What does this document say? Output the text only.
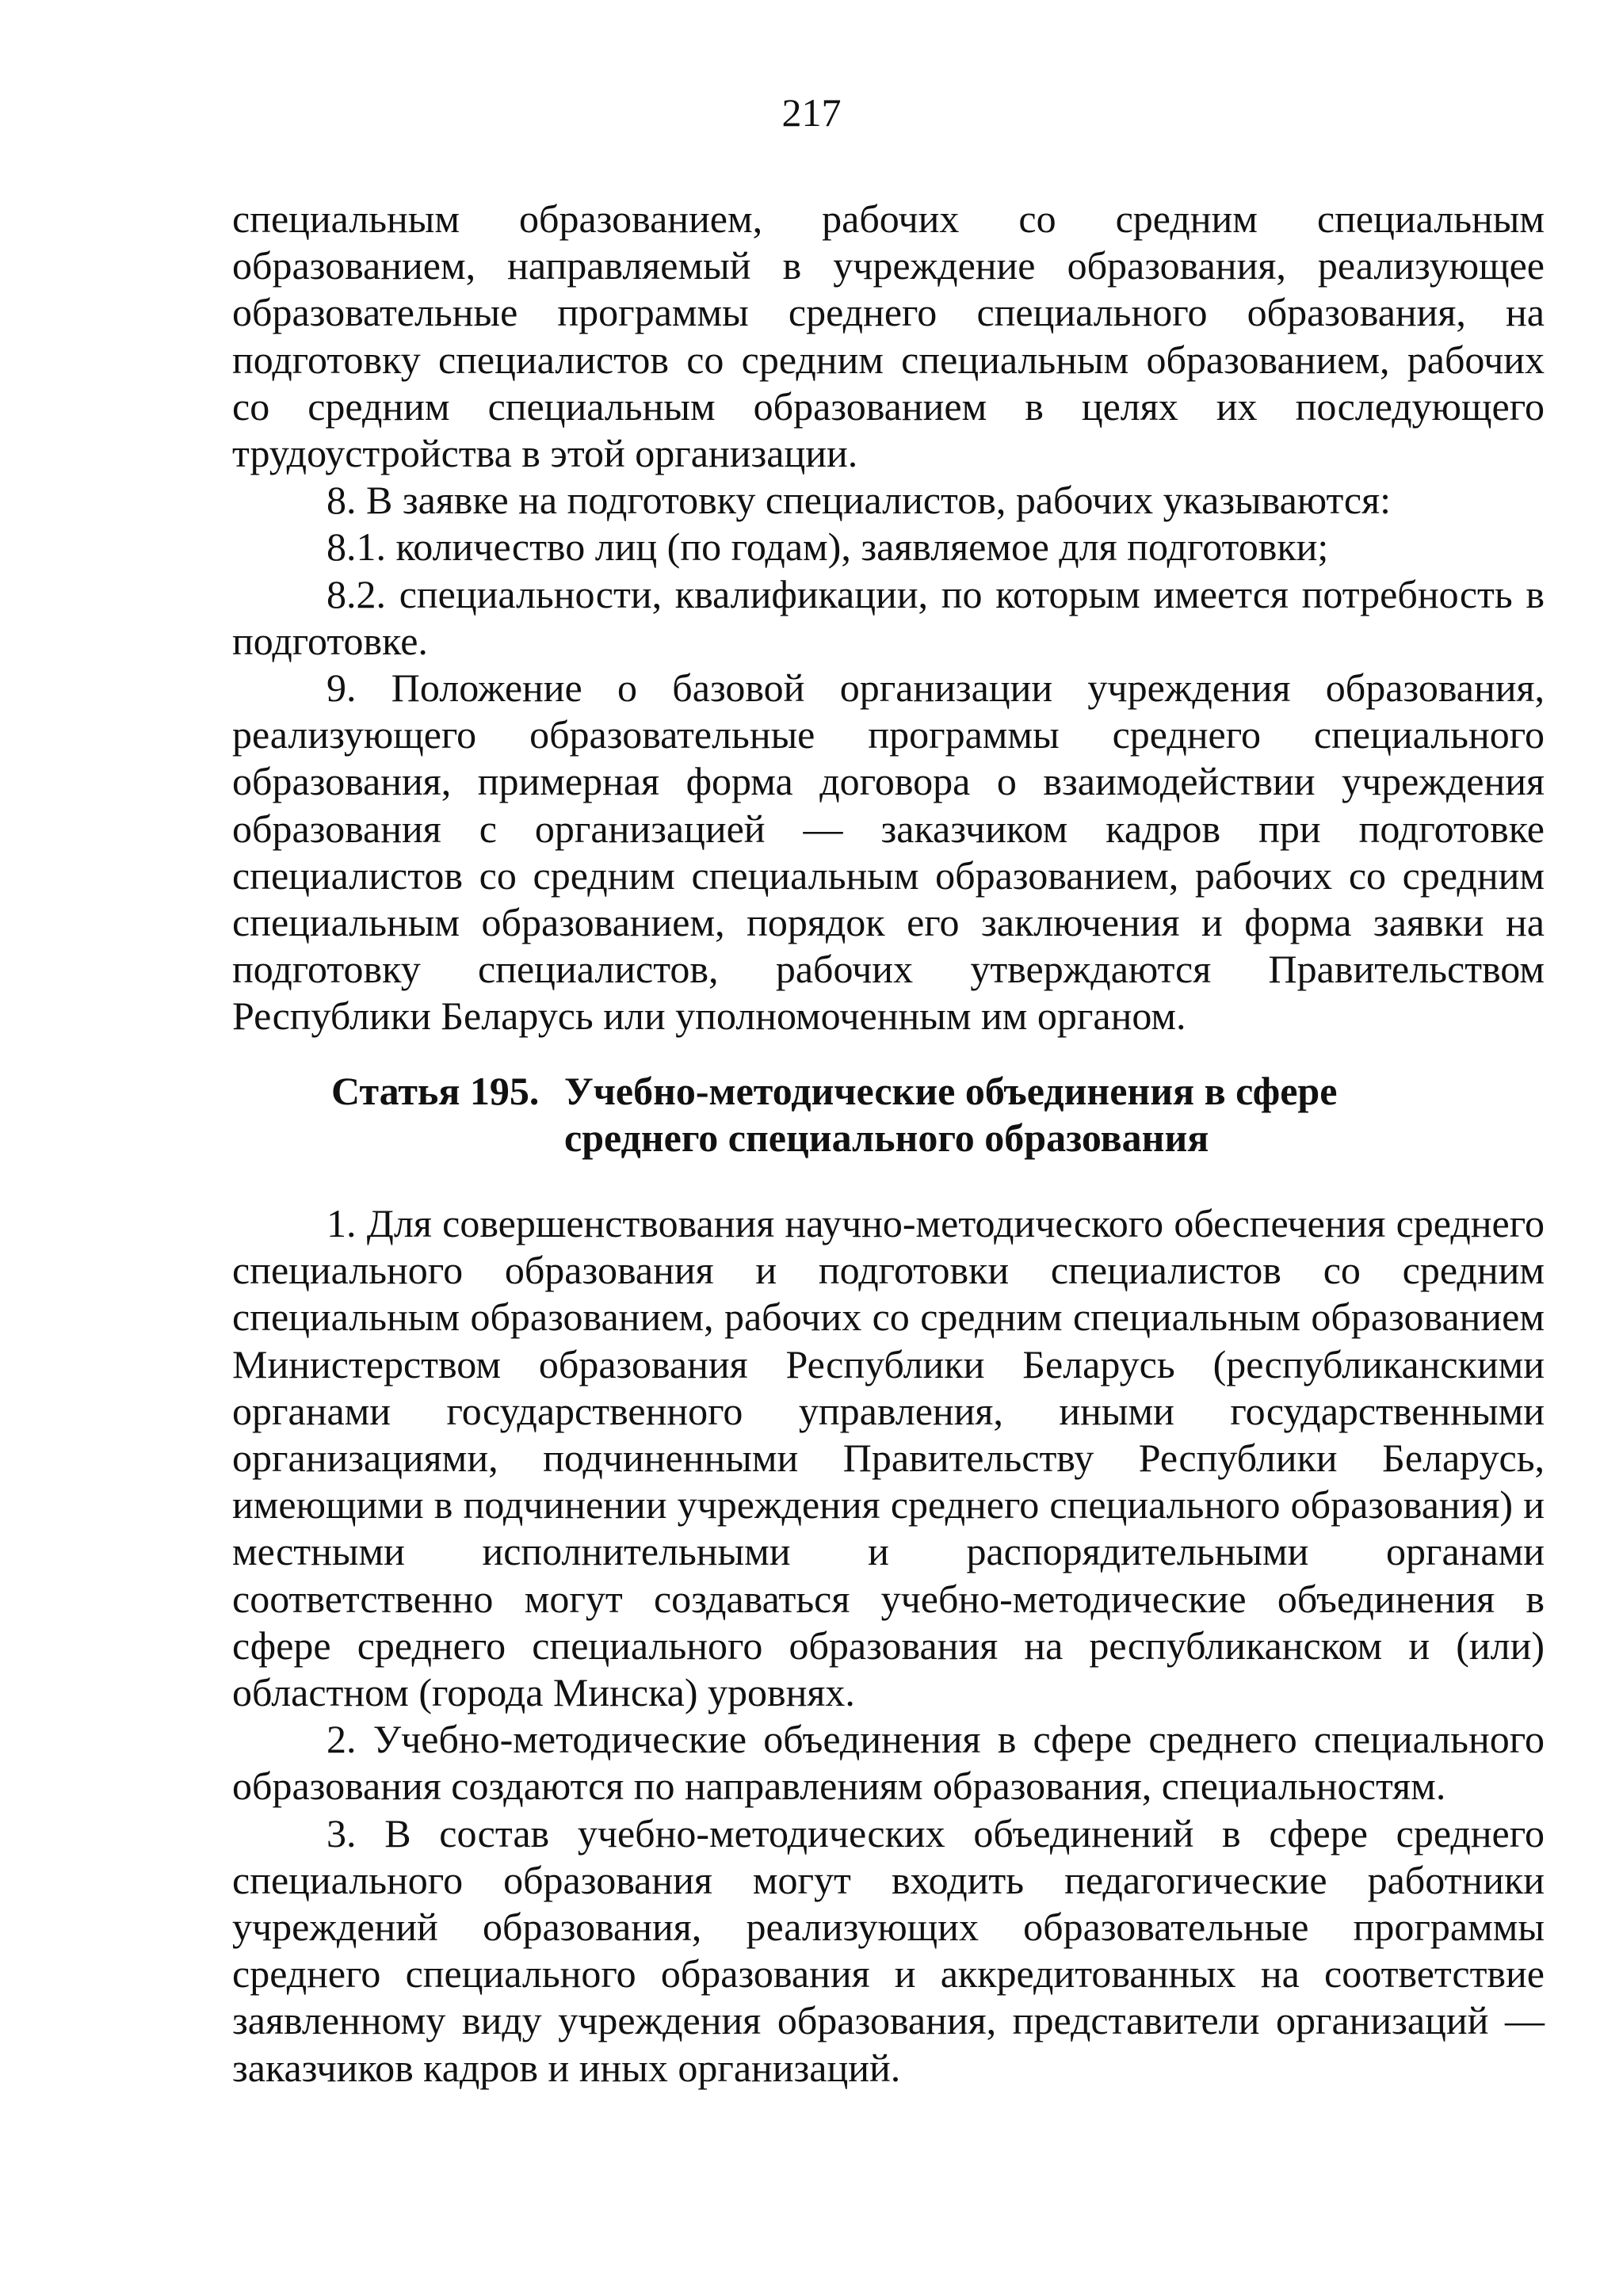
217

специальным образованием, рабочих со средним специальным образованием, направляемый в учреждение образования, реализующее образовательные программы среднего специального образования, на подготовку специалистов со средним специальным образованием, рабочих со средним специальным образованием в целях их последующего трудоустройства в этой организации.

8. В заявке на подготовку специалистов, рабочих указываются:

8.1. количество лиц (по годам), заявляемое для подготовки;

8.2. специальности, квалификации, по которым имеется потребность в подготовке.

9. Положение о базовой организации учреждения образования, реализующего образовательные программы среднего специального образования, примерная форма договора о взаимодействии учреждения образования с организацией — заказчиком кадров при подготовке специалистов со средним специальным образованием, рабочих со средним специальным образованием, порядок его заключения и форма заявки на подготовку специалистов, рабочих утверждаются Правительством Республики Беларусь или уполномоченным им органом.

Статья 195. Учебно-методические объединения в сфере
среднего специального образования

1. Для совершенствования научно-методического обеспечения среднего специального образования и подготовки специалистов со средним специальным образованием, рабочих со средним специальным образованием Министерством образования Республики Беларусь (республиканскими органами государственного управления, иными государственными организациями, подчиненными Правительству Республики Беларусь, имеющими в подчинении учреждения среднего специального образования) и местными исполнительными и распорядительными органами соответственно могут создаваться учебно-методические объединения в сфере среднего специального образования на республиканском и (или) областном (города Минска) уровнях.

2. Учебно-методические объединения в сфере среднего специального образования создаются по направлениям образования, специальностям.

3. В состав учебно-методических объединений в сфере среднего специального образования могут входить педагогические работники учреждений образования, реализующих образовательные программы среднего специального образования и аккредитованных на соответствие заявленному виду учреждения образования, представители организаций — заказчиков кадров и иных организаций.
